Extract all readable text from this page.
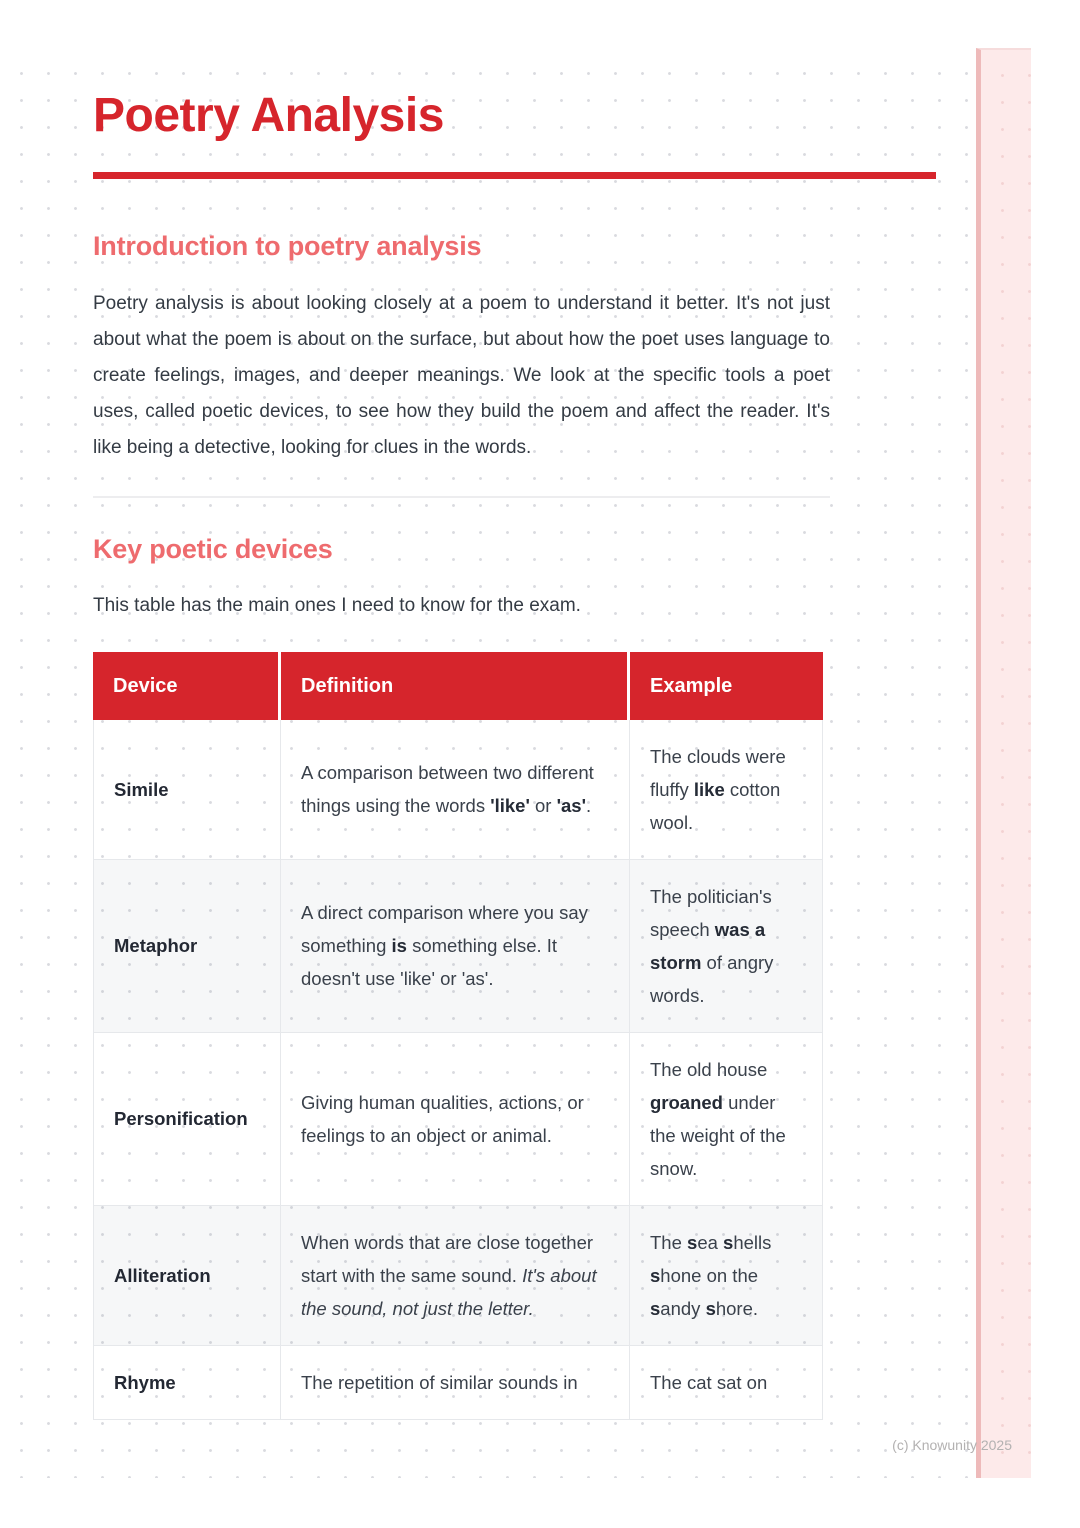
Poetry Analysis
Introduction to poetry analysis

Poetry analysis is about looking closely at a poem to understand it better. It's not just about what the poem is about on the surface, but about how the poet uses language to create feelings, images, and deeper meanings. We look at the specific tools a poet uses, called poetic devices, to see how they build the poem and affect the reader. It's like being a detective, looking for clues in the words.

Key poetic devices

This table has the main ones I need to know for the exam.

Device	Definition	Example
Simile	A comparison between two different things using the words 'like' or 'as'.	The clouds were fluffy like cotton wool.
Metaphor	A direct comparison where you say something is something else. It doesn't use 'like' or 'as'.	The politician's speech was a storm of angry words.
Personification	Giving human qualities, actions, or feelings to an object or animal.	The old house groaned under the weight of the snow.
Alliteration	When words that are close together start with the same sound. It's about the sound, not just the letter.	The sea shells shone on the sandy shore.
Rhyme	The repetition of similar sounds in	The cat sat on
(c) Knowunity 2025
